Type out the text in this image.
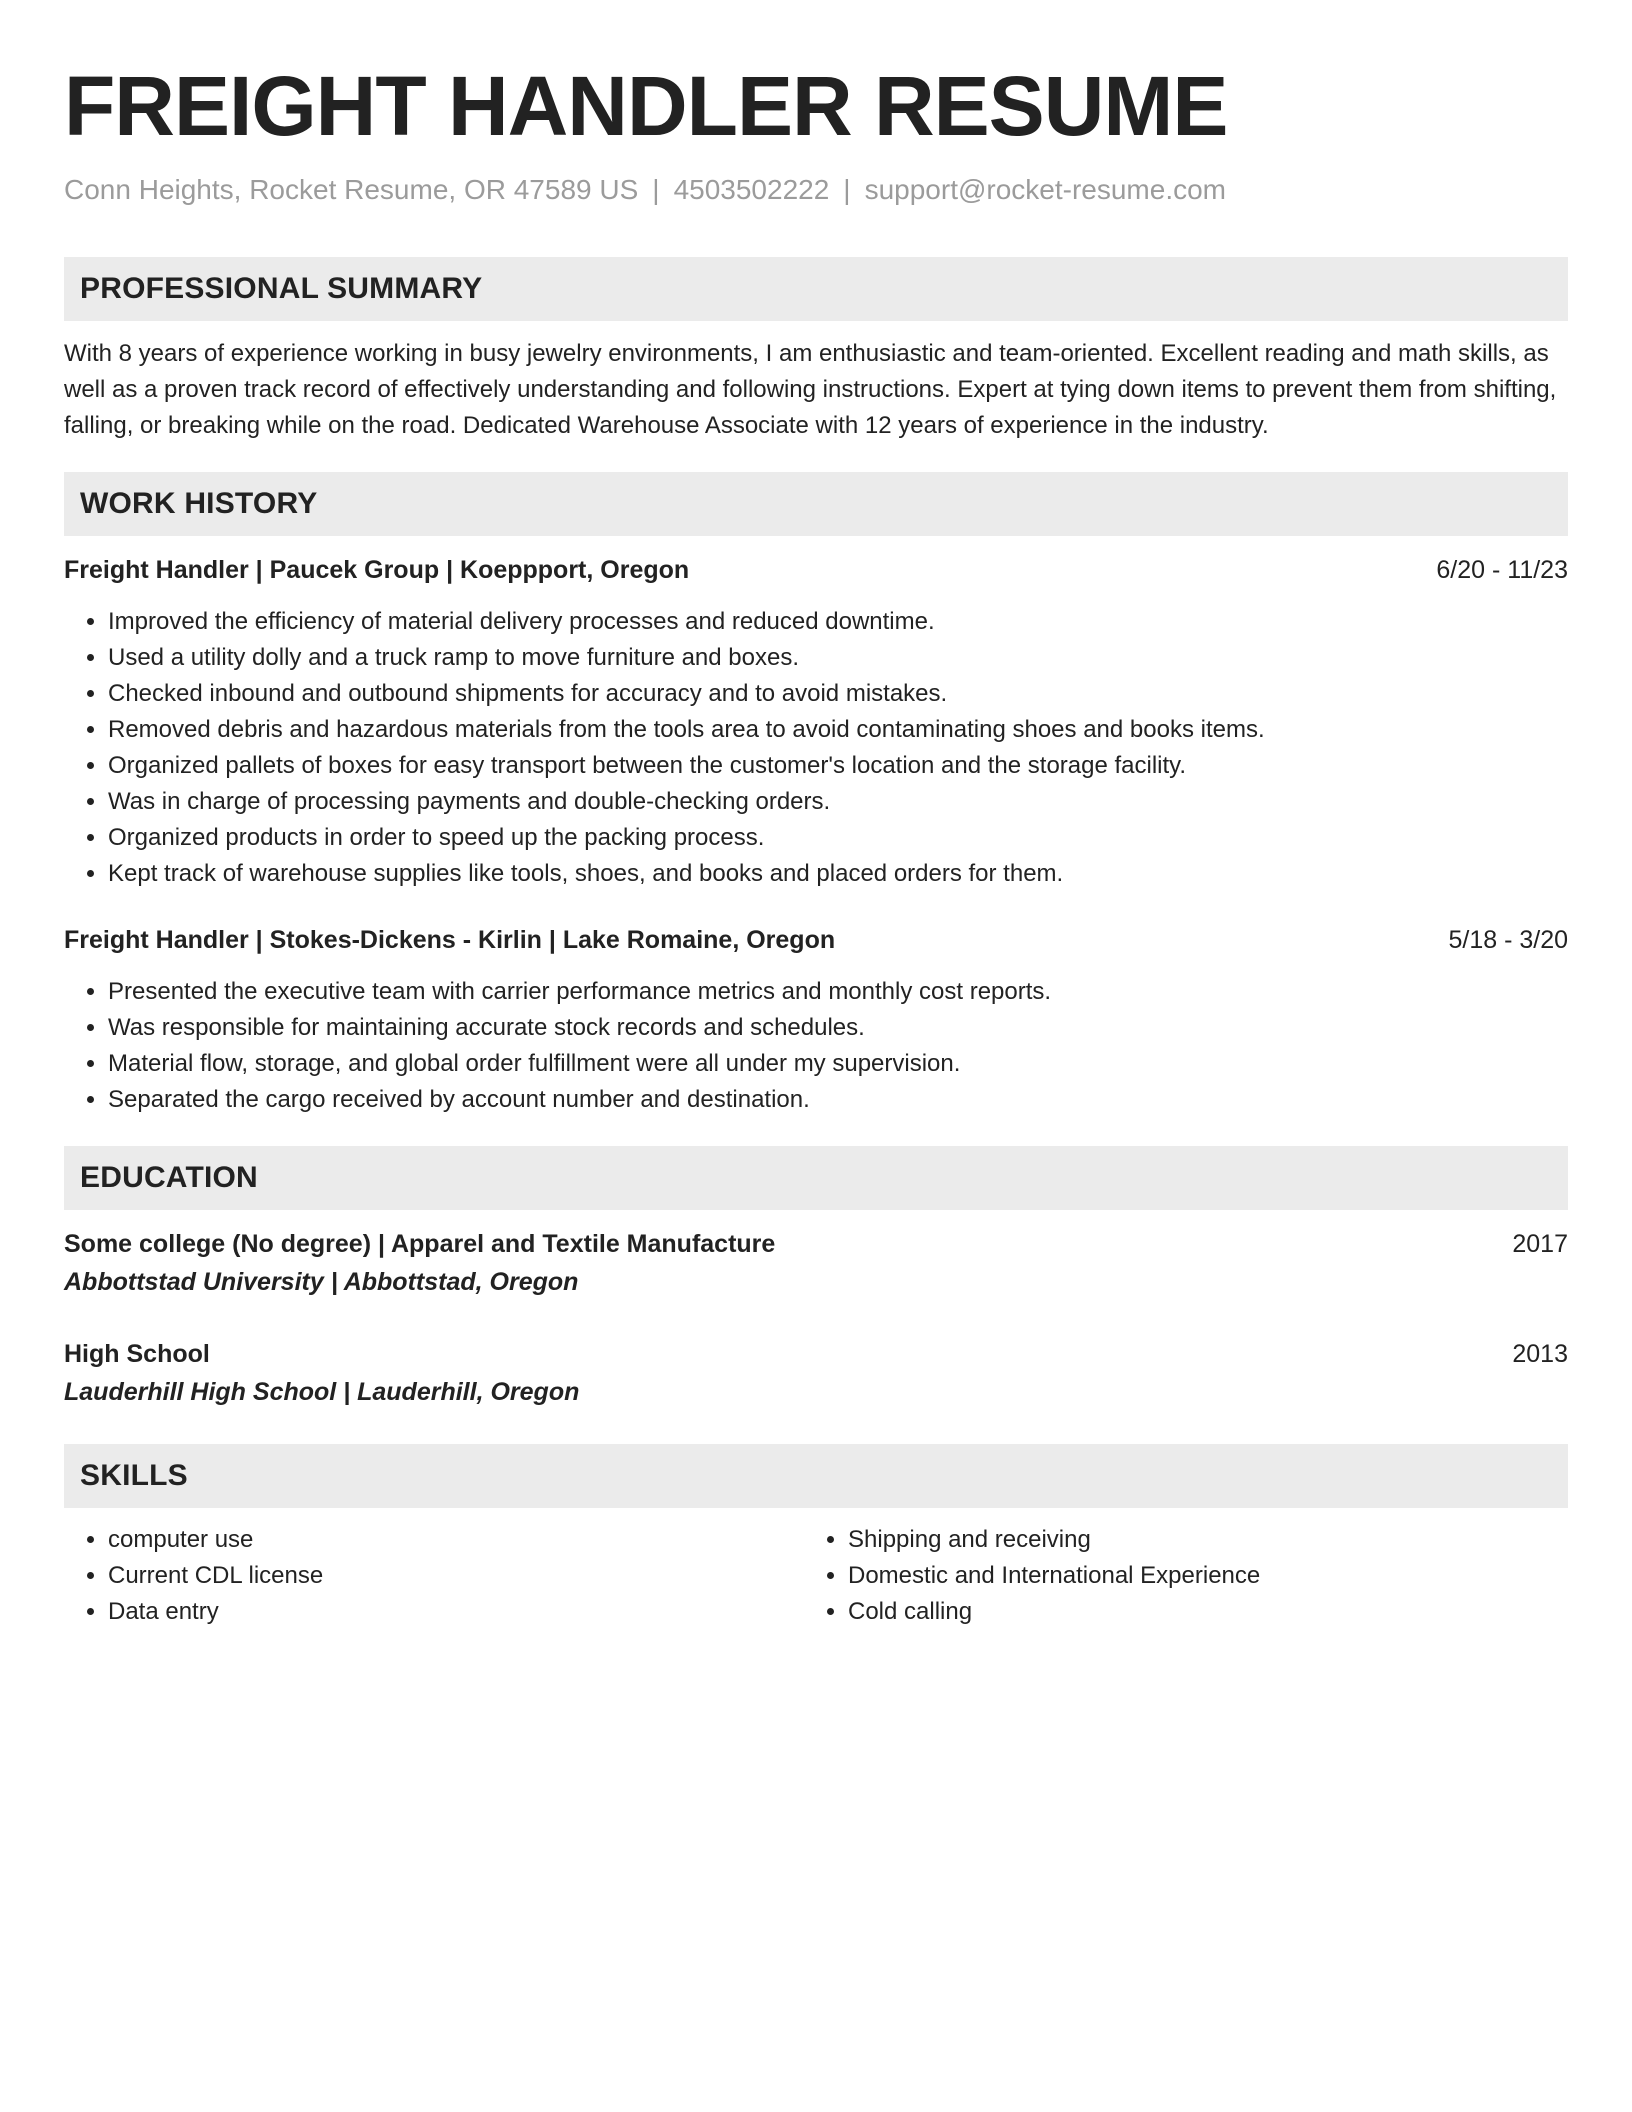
FREIGHT HANDLER RESUME
Conn Heights, Rocket Resume, OR 47589 US | 4503502222 | support@rocket-resume.com
PROFESSIONAL SUMMARY
With 8 years of experience working in busy jewelry environments, I am enthusiastic and team-oriented. Excellent reading and math skills, as well as a proven track record of effectively understanding and following instructions. Expert at tying down items to prevent them from shifting, falling, or breaking while on the road. Dedicated Warehouse Associate with 12 years of experience in the industry.
WORK HISTORY
Freight Handler | Paucek Group | Koeppport, Oregon	6/20 - 11/23
• Improved the efficiency of material delivery processes and reduced downtime.
• Used a utility dolly and a truck ramp to move furniture and boxes.
• Checked inbound and outbound shipments for accuracy and to avoid mistakes.
• Removed debris and hazardous materials from the tools area to avoid contaminating shoes and books items.
• Organized pallets of boxes for easy transport between the customer's location and the storage facility.
• Was in charge of processing payments and double-checking orders.
• Organized products in order to speed up the packing process.
• Kept track of warehouse supplies like tools, shoes, and books and placed orders for them.
Freight Handler | Stokes-Dickens - Kirlin | Lake Romaine, Oregon	5/18 - 3/20
• Presented the executive team with carrier performance metrics and monthly cost reports.
• Was responsible for maintaining accurate stock records and schedules.
• Material flow, storage, and global order fulfillment were all under my supervision.
• Separated the cargo received by account number and destination.
EDUCATION
Some college (No degree) | Apparel and Textile Manufacture	2017
Abbottstad University | Abbottstad, Oregon
High School	2013
Lauderhill High School | Lauderhill, Oregon
SKILLS
• computer use
• Current CDL license
• Data entry
• Shipping and receiving
• Domestic and International Experience
• Cold calling
